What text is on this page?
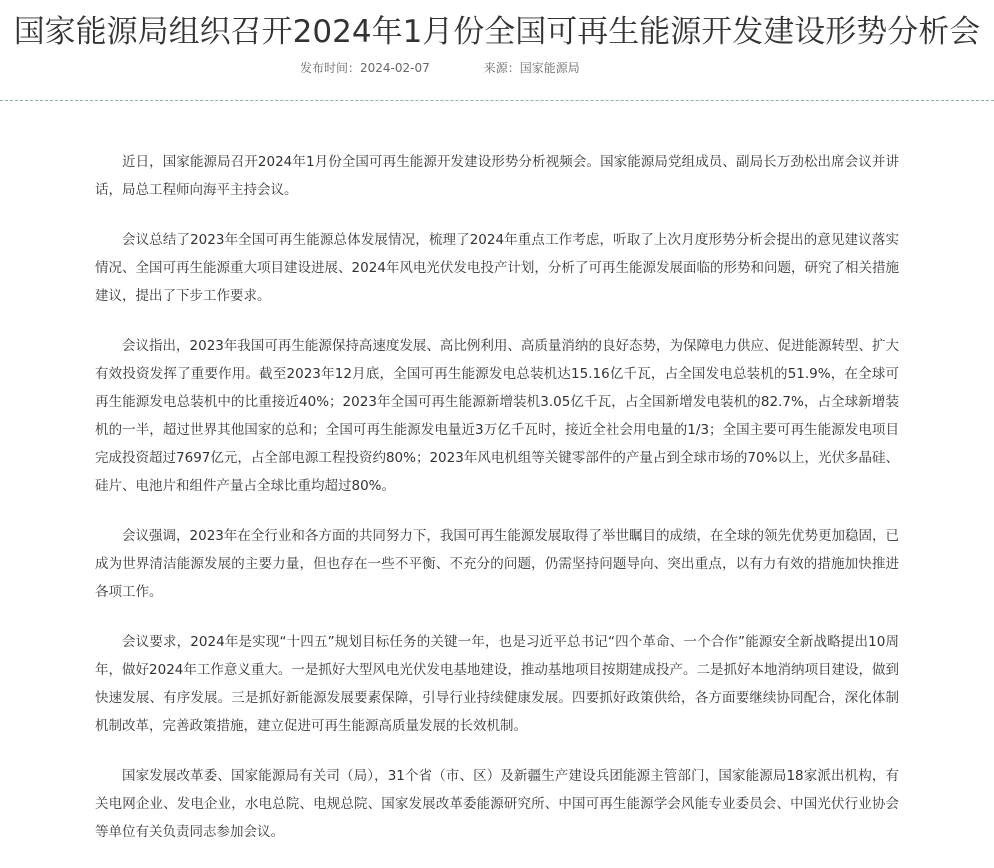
国家能源局组织召开2024年1月份全国可再生能源开发建设形势分析会
发布时间：2024-02-07	来源：国家能源局

近日，国家能源局召开2024年1月份全国可再生能源开发建设形势分析视频会。国家能源局党组成员、副局长万劲松出席会议并讲话，局总工程师向海平主持会议。

会议总结了2023年全国可再生能源总体发展情况，梳理了2024年重点工作考虑，听取了上次月度形势分析会提出的意见建议落实情况、全国可再生能源重大项目建设进展、2024年风电光伏发电投产计划，分析了可再生能源发展面临的形势和问题，研究了相关措施建议，提出了下步工作要求。

会议指出，2023年我国可再生能源保持高速度发展、高比例利用、高质量消纳的良好态势，为保障电力供应、促进能源转型、扩大有效投资发挥了重要作用。截至2023年12月底，全国可再生能源发电总装机达15.16亿千瓦，占全国发电总装机的51.9%，在全球可再生能源发电总装机中的比重接近40%；2023年全国可再生能源新增装机3.05亿千瓦，占全国新增发电装机的82.7%，占全球新增装机的一半，超过世界其他国家的总和；全国可再生能源发电量近3万亿千瓦时，接近全社会用电量的1/3；全国主要可再生能源发电项目完成投资超过7697亿元，占全部电源工程投资约80%；2023年风电机组等关键零部件的产量占到全球市场的70%以上，光伏多晶硅、硅片、电池片和组件产量占全球比重均超过80%。

会议强调，2023年在全行业和各方面的共同努力下，我国可再生能源发展取得了举世瞩目的成绩，在全球的领先优势更加稳固，已成为世界清洁能源发展的主要力量，但也存在一些不平衡、不充分的问题，仍需坚持问题导向、突出重点，以有力有效的措施加快推进各项工作。

会议要求，2024年是实现“十四五”规划目标任务的关键一年，也是习近平总书记“四个革命、一个合作”能源安全新战略提出10周年，做好2024年工作意义重大。一是抓好大型风电光伏发电基地建设，推动基地项目按期建成投产。二是抓好本地消纳项目建设，做到快速发展、有序发展。三是抓好新能源发展要素保障，引导行业持续健康发展。四要抓好政策供给，各方面要继续协同配合，深化体制机制改革，完善政策措施，建立促进可再生能源高质量发展的长效机制。

国家发展改革委、国家能源局有关司（局），31个省（市、区）及新疆生产建设兵团能源主管部门，国家能源局18家派出机构，有关电网企业、发电企业，水电总院、电规总院、国家发展改革委能源研究所、中国可再生能源学会风能专业委员会、中国光伏行业协会等单位有关负责同志参加会议。
